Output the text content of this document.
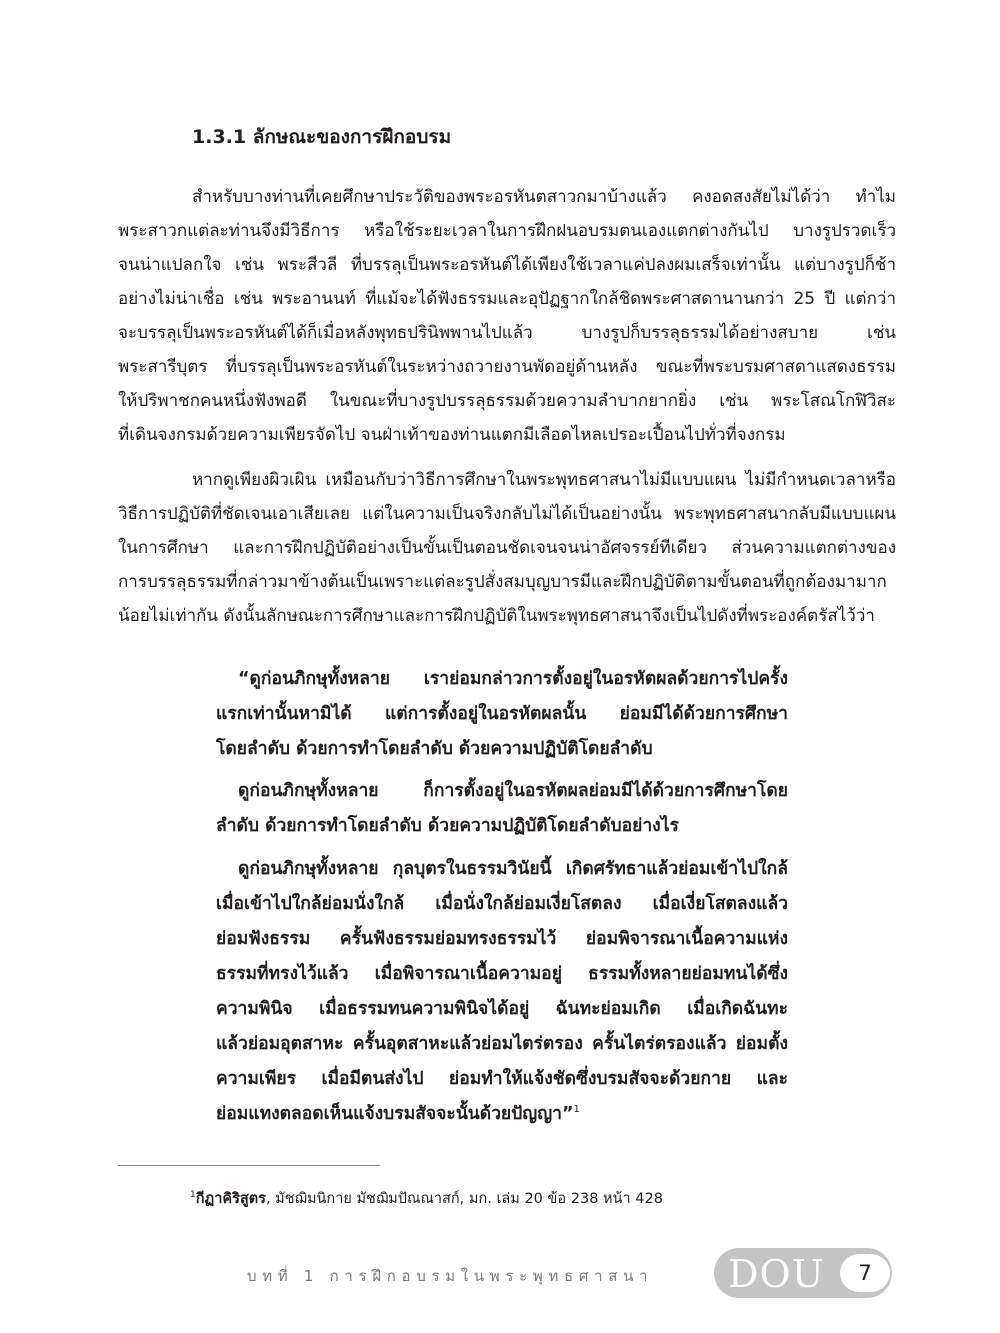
1.3.1 ลักษณะของการฝึกอบรม
สำหรับบางท่านที่เคยศึกษาประวัติของพระอรหันตสาวกมาบ้างแล้ว คงอดสงสัยไม่ได้ว่า ทำไม
พระสาวกแต่ละท่านจึงมีวิธีการ หรือใช้ระยะเวลาในการฝึกฝนอบรมตนเองแตกต่างกันไป บางรูปรวดเร็ว
จนน่าแปลกใจ เช่น พระสีวลี ที่บรรลุเป็นพระอรหันต์ได้เพียงใช้เวลาแค่ปลงผมเสร็จเท่านั้น แต่บางรูปก็ช้า
อย่างไม่น่าเชื่อ เช่น พระอานนท์ ที่แม้จะได้ฟังธรรมและอุปัฏฐากใกล้ชิดพระศาสดานานกว่า 25 ปี แต่กว่า
จะบรรลุเป็นพระอรหันต์ได้ก็เมื่อหลังพุทธปรินิพพานไปแล้ว บางรูปก็บรรลุธรรมได้อย่างสบาย เช่น
พระสารีบุตร ที่บรรลุเป็นพระอรหันต์ในระหว่างถวายงานพัดอยู่ด้านหลัง ขณะที่พระบรมศาสดาแสดงธรรม
ให้ปริพาชกคนหนึ่งฟังพอดี ในขณะที่บางรูปบรรลุธรรมด้วยความลำบากยากยิ่ง เช่น พระโสณโกฬิวิสะ
ที่เดินจงกรมด้วยความเพียรจัดไป จนฝ่าเท้าของท่านแตกมีเลือดไหลเปรอะเปื้อนไปทั่วที่จงกรม
หากดูเพียงผิวเผิน เหมือนกับว่าวิธีการศึกษาในพระพุทธศาสนาไม่มีแบบแผน ไม่มีกำหนดเวลาหรือ
วิธีการปฏิบัติที่ชัดเจนเอาเสียเลย แต่ในความเป็นจริงกลับไม่ได้เป็นอย่างนั้น พระพุทธศาสนากลับมีแบบแผน
ในการศึกษา และการฝึกปฏิบัติอย่างเป็นขั้นเป็นตอนชัดเจนจนน่าอัศจรรย์ทีเดียว ส่วนความแตกต่างของ
การบรรลุธรรมที่กล่าวมาข้างต้นเป็นเพราะแต่ละรูปสั่งสมบุญบารมีและฝึกปฏิบัติตามขั้นตอนที่ถูกต้องมามาก
น้อยไม่เท่ากัน ดังนั้นลักษณะการศึกษาและการฝึกปฏิบัติในพระพุทธศาสนาจึงเป็นไปดังที่พระองค์ตรัสไว้ว่า
“ดูก่อนภิกษุทั้งหลาย เราย่อมกล่าวการตั้งอยู่ในอรหัตผลด้วยการไปครั้ง
แรกเท่านั้นหามิได้ แต่การตั้งอยู่ในอรหัตผลนั้น ย่อมมีได้ด้วยการศึกษา
โดยลำดับ ด้วยการทำโดยลำดับ ด้วยความปฏิบัติโดยลำดับ
ดูก่อนภิกษุทั้งหลาย ก็การตั้งอยู่ในอรหัตผลย่อมมีได้ด้วยการศึกษาโดย
ลำดับ ด้วยการทำโดยลำดับ ด้วยความปฏิบัติโดยลำดับอย่างไร
ดูก่อนภิกษุทั้งหลาย กุลบุตรในธรรมวินัยนี้ เกิดศรัทธาแล้วย่อมเข้าไปใกล้
เมื่อเข้าไปใกล้ย่อมนั่งใกล้ เมื่อนั่งใกล้ย่อมเงี่ยโสตลง เมื่อเงี่ยโสตลงแล้ว
ย่อมฟังธรรม ครั้นฟังธรรมย่อมทรงธรรมไว้ ย่อมพิจารณาเนื้อความแห่ง
ธรรมที่ทรงไว้แล้ว เมื่อพิจารณาเนื้อความอยู่ ธรรมทั้งหลายย่อมทนได้ซึ่ง
ความพินิจ เมื่อธรรมทนความพินิจได้อยู่ ฉันทะย่อมเกิด เมื่อเกิดฉันทะ
แล้วย่อมอุตสาหะ ครั้นอุตสาหะแล้วย่อมไตร่ตรอง ครั้นไตร่ตรองแล้ว ย่อมตั้ง
ความเพียร เมื่อมีตนส่งไป ย่อมทำให้แจ้งชัดซึ่งบรมสัจจะด้วยกาย และ
ย่อมแทงตลอดเห็นแจ้งบรมสัจจะนั้นด้วยปัญญา”$^1$
$^1$กีฏาคิริสูตร, มัชฌิมนิกาย มัชฌิมปัณณาสก์, มก. เล่ม 20 ข้อ 238 หน้า 428
บทที่ 1 การฝึกอบรมในพระพุทธศาสนา DOU	7
